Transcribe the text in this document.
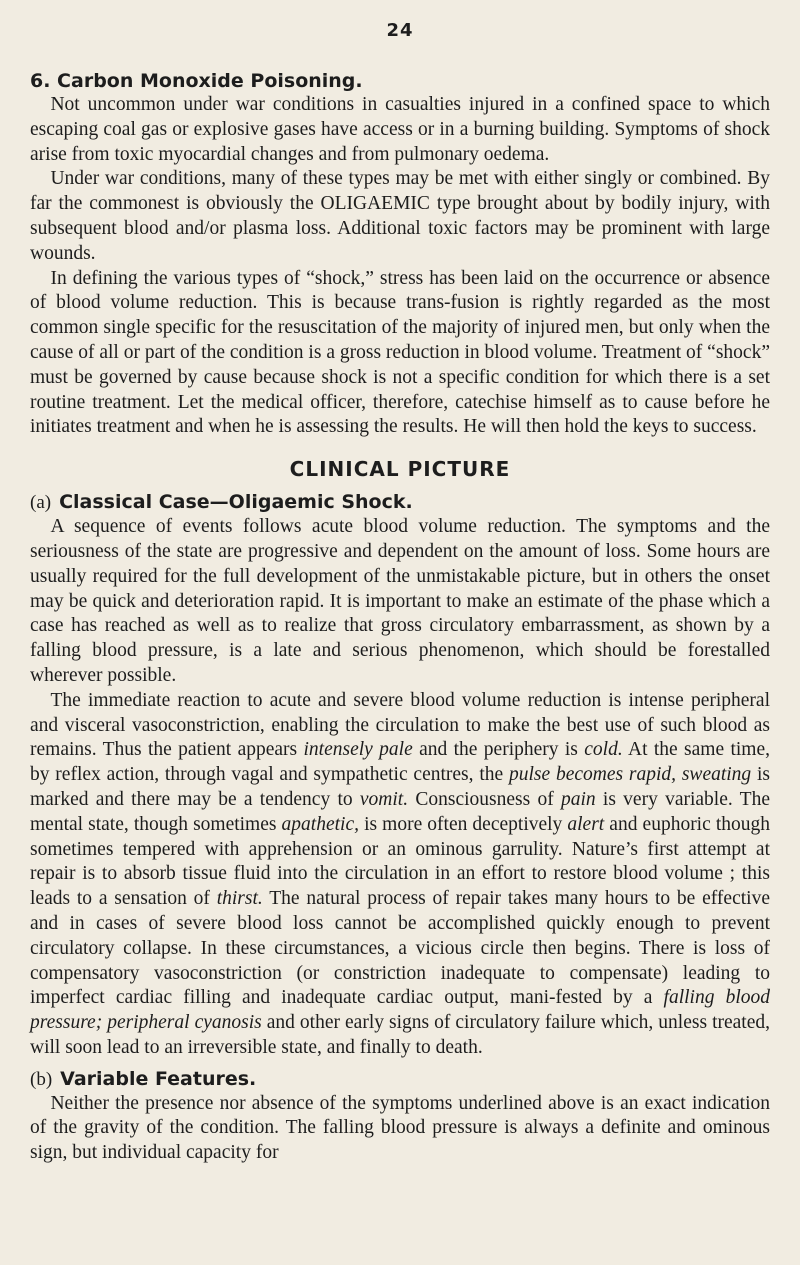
24
6. Carbon Monoxide Poisoning.

Not uncommon under war conditions in casualties injured in a confined space to which escaping coal gas or explosive gases have access or in a burning building. Symptoms of shock arise from toxic myocardial changes and from pulmonary oedema.

Under war conditions, many of these types may be met with either singly or combined. By far the commonest is obviously the OLIGAEMIC type brought about by bodily injury, with subsequent blood and/or plasma loss. Additional toxic factors may be prominent with large wounds.

In defining the various types of “shock,” stress has been laid on the occurrence or absence of blood volume reduction. This is because trans-fusion is rightly regarded as the most common single specific for the resuscitation of the majority of injured men, but only when the cause of all or part of the condition is a gross reduction in blood volume. Treatment of “shock” must be governed by cause because shock is not a specific condition for which there is a set routine treatment. Let the medical officer, therefore, catechise himself as to cause before he initiates treatment and when he is assessing the results. He will then hold the keys to success.

CLINICAL PICTURE
(a) Classical Case—Oligaemic Shock.

A sequence of events follows acute blood volume reduction. The symptoms and the seriousness of the state are progressive and dependent on the amount of loss. Some hours are usually required for the full development of the unmistakable picture, but in others the onset may be quick and deterioration rapid. It is important to make an estimate of the phase which a case has reached as well as to realize that gross circulatory embarrassment, as shown by a falling blood pressure, is a late and serious phenomenon, which should be forestalled wherever possible.

The immediate reaction to acute and severe blood volume reduction is intense peripheral and visceral vasoconstriction, enabling the circulation to make the best use of such blood as remains. Thus the patient appears intensely pale and the periphery is cold. At the same time, by reflex action, through vagal and sympathetic centres, the pulse becomes rapid, sweating is marked and there may be a tendency to vomit. Consciousness of pain is very variable. The mental state, though sometimes apathetic, is more often deceptively alert and euphoric though sometimes tempered with apprehension or an ominous garrulity. Nature’s first attempt at repair is to absorb tissue fluid into the circulation in an effort to restore blood volume ; this leads to a sensation of thirst. The natural process of repair takes many hours to be effective and in cases of severe blood loss cannot be accomplished quickly enough to prevent circulatory collapse. In these circumstances, a vicious circle then begins. There is loss of compensatory vasoconstriction (or constriction inadequate to compensate) leading to imperfect cardiac filling and inadequate cardiac output, mani-fested by a falling blood pressure; peripheral cyanosis and other early signs of circulatory failure which, unless treated, will soon lead to an irreversible state, and finally to death.

(b) Variable Features.

Neither the presence nor absence of the symptoms underlined above is an exact indication of the gravity of the condition. The falling blood pressure is always a definite and ominous sign, but individual capacity for
